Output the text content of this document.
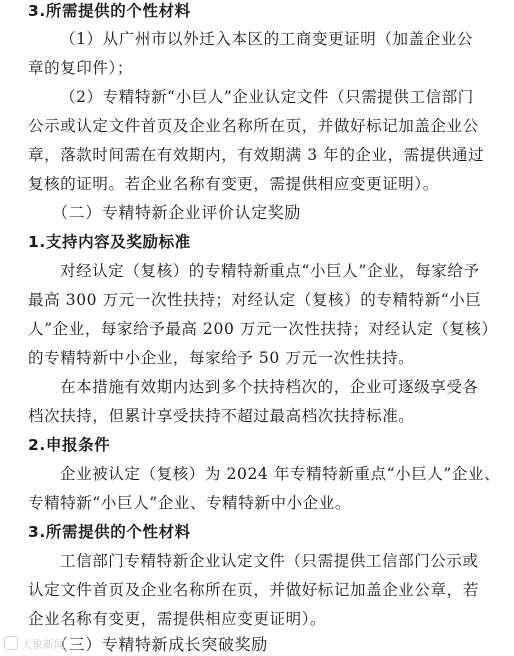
3.所需提供的个性材料
（1）从广州市以外迁入本区的工商变更证明（加盖企业公
章的复印件）；
（2）专精特新“小巨人”企业认定文件（只需提供工信部门
公示或认定文件首页及企业名称所在页，并做好标记加盖企业公
章，落款时间需在有效期内，有效期满 3 年的企业，需提供通过
复核的证明。若企业名称有变更，需提供相应变更证明）。
（二）专精特新企业评价认定奖励
1.支持内容及奖励标准
对经认定（复核）的专精特新重点“小巨人”企业，每家给予
最高 300 万元一次性扶持；对经认定（复核）的专精特新“小巨
人”企业，每家给予最高 200 万元一次性扶持；对经认定（复核）
的专精特新中小企业，每家给予 50 万元一次性扶持。
在本措施有效期内达到多个扶持档次的，企业可逐级享受各
档次扶持，但累计享受扶持不超过最高档次扶持标准。
2.申报条件
企业被认定（复核）为 2024 年专精特新重点“小巨人”企业、
专精特新“小巨人”企业、专精特新中小企业。
3.所需提供的个性材料
工信部门专精特新企业认定文件（只需提供工信部门公示或
认定文件首页及企业名称所在页，并做好标记加盖企业公章，若
企业名称有变更，需提供相应变更证明）。
（三）专精特新成长突破奖励
大象新闻
